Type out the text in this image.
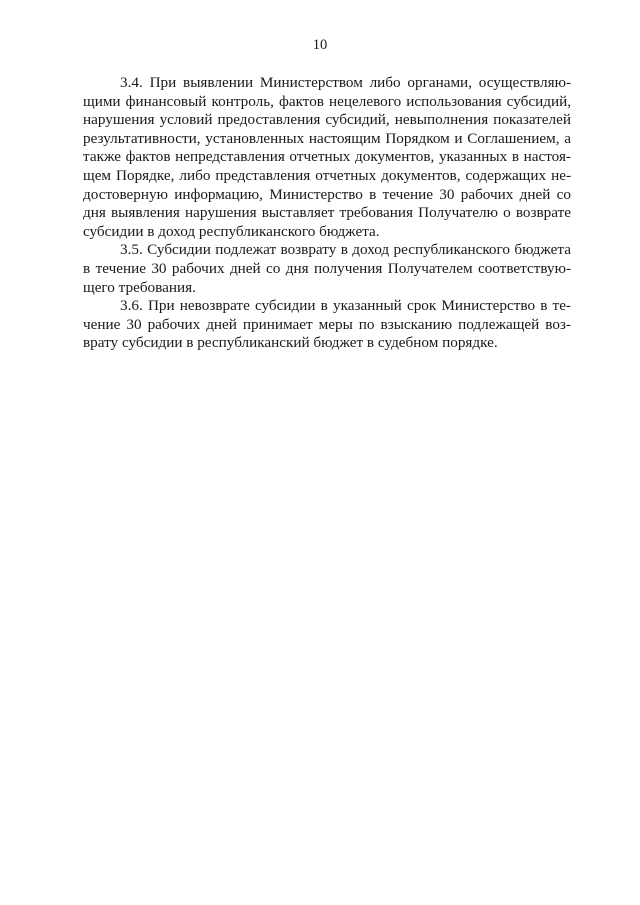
10
3.4. При выявлении Министерством либо органами, осуществляю-
щими финансовый контроль, фактов нецелевого использования субсидий,
нарушения условий предоставления субсидий, невыполнения показателей
результативности, установленных настоящим Порядком и Соглашением, а
также фактов непредставления отчетных документов, указанных в настоя-
щем Порядке, либо представления отчетных документов, содержащих не-
достоверную информацию, Министерство в течение 30 рабочих дней со
дня выявления нарушения выставляет требования Получателю о возврате
субсидии в доход республиканского бюджета.
3.5. Субсидии подлежат возврату в доход республиканского бюджета
в течение 30 рабочих дней со дня получения Получателем соответствую-
щего требования.
3.6. При невозврате субсидии в указанный срок Министерство в те-
чение 30 рабочих дней принимает меры по взысканию подлежащей воз-
врату субсидии в республиканский бюджет в судебном порядке.
